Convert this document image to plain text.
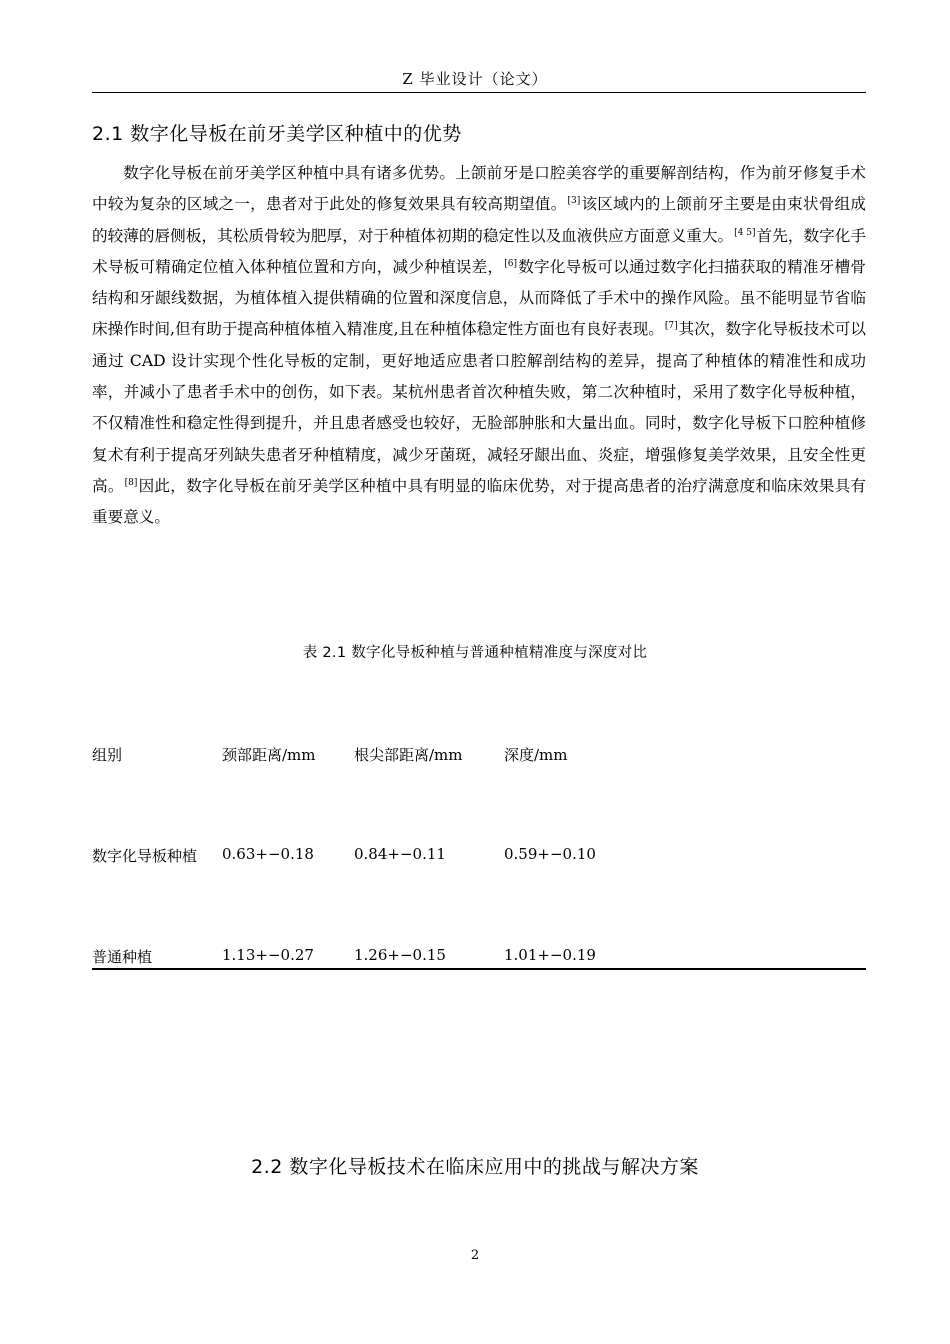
Z 毕业设计（论文）
2.1 数字化导板在前牙美学区种植中的优势
数字化导板在前牙美学区种植中具有诸多优势。上颌前牙是口腔美容学的重要解剖结构，作为前牙修复手术中较为复杂的区域之一，患者对于此处的修复效果具有较高期望值。[3]该区域内的上颌前牙主要是由束状骨组成的较薄的唇侧板，其松质骨较为肥厚，对于种植体初期的稳定性以及血液供应方面意义重大。[4 5]首先，数字化手术导板可精确定位植入体种植位置和方向，减少种植误差，[6]数字化导板可以通过数字化扫描获取的精准牙槽骨结构和牙龈线数据，为植体植入提供精确的位置和深度信息，从而降低了手术中的操作风险。虽不能明显节省临床操作时间,但有助于提高种植体植入精准度,且在种植体稳定性方面也有良好表现。[7]其次，数字化导板技术可以通过 CAD 设计实现个性化导板的定制，更好地适应患者口腔解剖结构的差异，提高了种植体的精准性和成功率，并减小了患者手术中的创伤，如下表。某杭州患者首次种植失败，第二次种植时，采用了数字化导板种植，不仅精准性和稳定性得到提升，并且患者感受也较好，无脸部肿胀和大量出血。同时，数字化导板下口腔种植修复术有利于提高牙列缺失患者牙种植精度，减少牙菌斑，减轻牙龈出血、炎症，增强修复美学效果，且安全性更高。[8]因此，数字化导板在前牙美学区种植中具有明显的临床优势，对于提高患者的治疗满意度和临床效果具有重要意义。
表 2.1 数字化导板种植与普通种植精准度与深度对比
组别	颈部距离/mm	根尖部距离/mm	深度/mm
数字化导板种植 0.63+−0.18	0.84+−0.11	0.59+−0.10
普通种植	1.13+−0.27	1.26+−0.15	1.01+−0.19
2.2 数字化导板技术在临床应用中的挑战与解决方案
2
